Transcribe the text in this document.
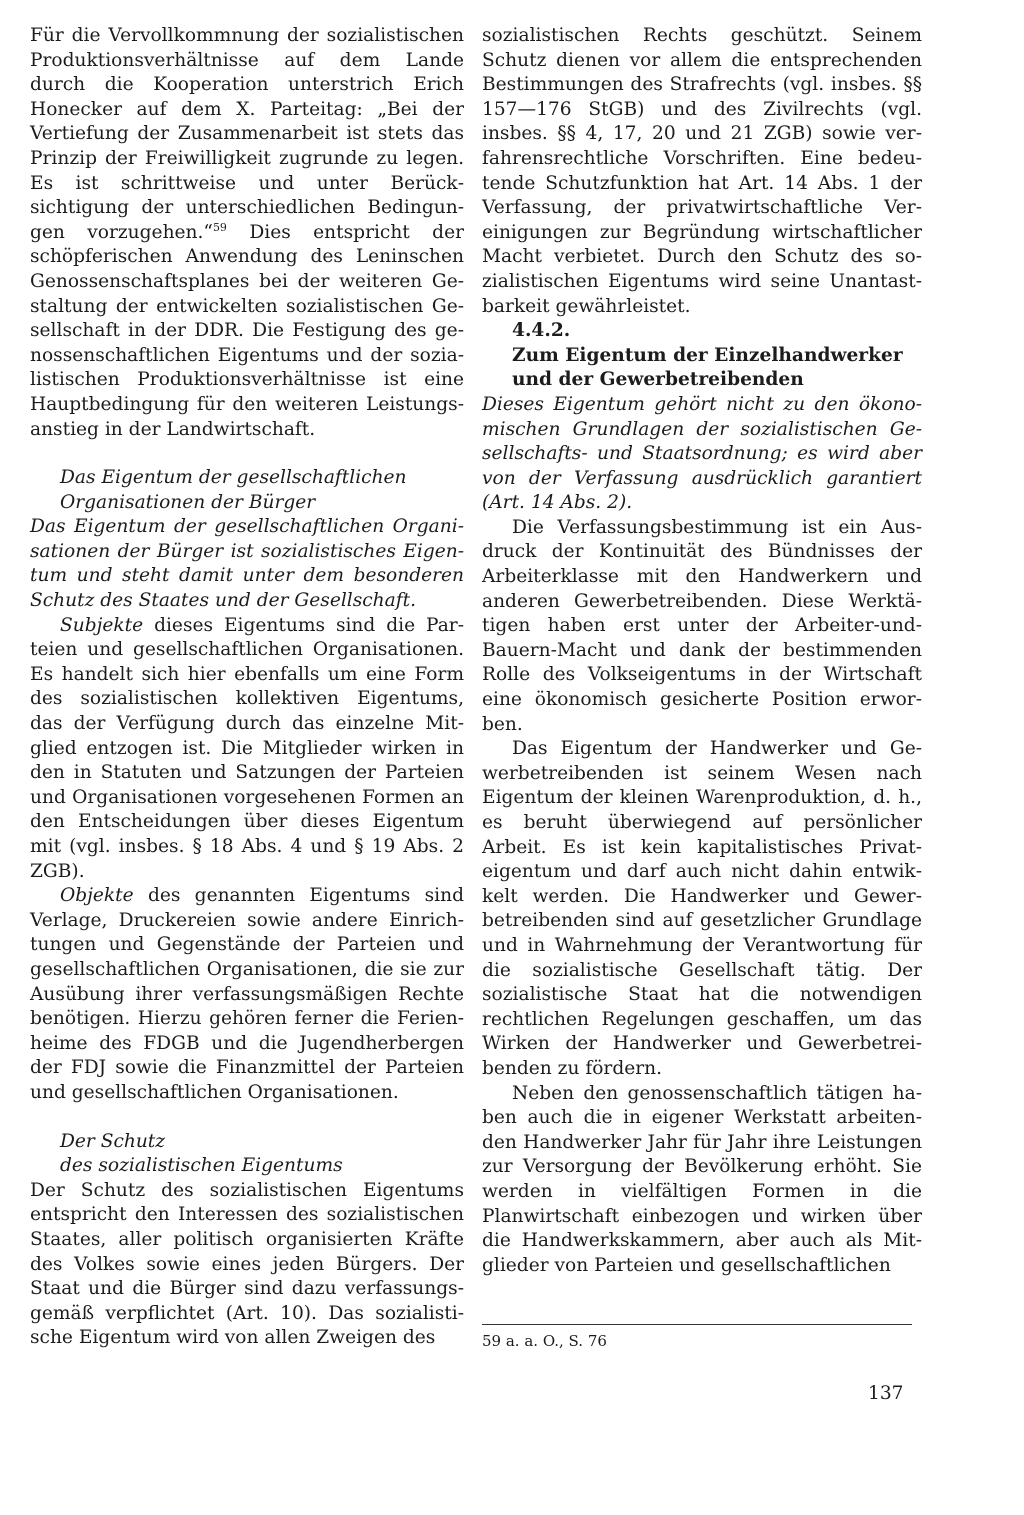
Für die Vervollkommnung der sozialistischen Produktionsverhältnisse auf dem Lande durch die Kooperation unterstrich Erich Honecker auf dem X. Parteitag: „Bei der Vertiefung der Zusammenarbeit ist stets das Prinzip der Freiwilligkeit zugrunde zu legen. Es ist schrittweise und unter Berücksichtigung der unterschiedlichen Bedingungen vorzugehen.“$^{59}$ Dies entspricht der schöpferischen Anwendung des Leninschen Genossenschaftsplanes bei der weiteren Gestaltung der entwickelten sozialistischen Gesellschaft in der DDR. Die Festigung des genossenschaftlichen Eigentums und der sozialistischen Produktionsverhältnisse ist eine Hauptbedingung für den weiteren Leistungsanstieg in der Landwirtschaft.

Das Eigentum der gesellschaftlichen

Organisationen der Bürger

Das Eigentum der gesellschaftlichen Organisationen der Bürger ist sozialistisches Eigentum und steht damit unter dem besonderen Schutz des Staates und der Gesellschaft.

Subjekte dieses Eigentums sind die Parteien und gesellschaftlichen Organisationen. Es handelt sich hier ebenfalls um eine Form des sozialistischen kollektiven Eigentums, das der Verfügung durch das einzelne Mitglied entzogen ist. Die Mitglieder wirken in den in Statuten und Satzungen der Parteien und Organisationen vorgesehenen Formen an den Entscheidungen über dieses Eigentum mit (vgl. insbes. § 18 Abs. 4 und § 19 Abs. 2 ZGB).

Objekte des genannten Eigentums sind Verlage, Druckereien sowie andere Einrichtungen und Gegenstände der Parteien und gesellschaftlichen Organisationen, die sie zur Ausübung ihrer verfassungsmäßigen Rechte benötigen. Hierzu gehören ferner die Ferienheime des FDGB und die Jugendherbergen der FDJ sowie die Finanzmittel der Parteien und gesellschaftlichen Organisationen.

Der Schutz

des sozialistischen Eigentums

Der Schutz des sozialistischen Eigentums entspricht den Interessen des sozialistischen Staates, aller politisch organisierten Kräfte des Volkes sowie eines jeden Bürgers. Der Staat und die Bürger sind dazu verfassungsgemäß verpflichtet (Art. 10). Das sozialistische Eigentum wird von allen Zweigen des

sozialistischen Rechts geschützt. Seinem Schutz dienen vor allem die entsprechenden Bestimmungen des Strafrechts (vgl. insbes. §§ 157—176 StGB) und des Zivilrechts (vgl. insbes. §§ 4, 17, 20 und 21 ZGB) sowie verfahrensrechtliche Vorschriften. Eine bedeutende Schutzfunktion hat Art. 14 Abs. 1 der Verfassung, der privatwirtschaftliche Vereinigungen zur Begründung wirtschaftlicher Macht verbietet. Durch den Schutz des sozialistischen Eigentums wird seine Unantastbarkeit gewährleistet.

4.4.2.

Zum Eigentum der Einzelhandwerker

und der Gewerbetreibenden

Dieses Eigentum gehört nicht zu den ökonomischen Grundlagen der sozialistischen Gesellschafts- und Staatsordnung; es wird aber von der Verfassung ausdrücklich garantiert (Art. 14 Abs. 2).

Die Verfassungsbestimmung ist ein Ausdruck der Kontinuität des Bündnisses der Arbeiterklasse mit den Handwerkern und anderen Gewerbetreibenden. Diese Werktätigen haben erst unter der Arbeiter-und-Bauern-Macht und dank der bestimmenden Rolle des Volkseigentums in der Wirtschaft eine ökonomisch gesicherte Position erworben.

Das Eigentum der Handwerker und Gewerbetreibenden ist seinem Wesen nach Eigentum der kleinen Warenproduktion, d. h., es beruht überwiegend auf persönlicher Arbeit. Es ist kein kapitalistisches Privateigentum und darf auch nicht dahin entwikkelt werden. Die Handwerker und Gewerbetreibenden sind auf gesetzlicher Grundlage und in Wahrnehmung der Verantwortung für die sozialistische Gesellschaft tätig. Der sozialistische Staat hat die notwendigen rechtlichen Regelungen geschaffen, um das Wirken der Handwerker und Gewerbetreibenden zu fördern.

Neben den genossenschaftlich tätigen haben auch die in eigener Werkstatt arbeitenden Handwerker Jahr für Jahr ihre Leistungen zur Versorgung der Bevölkerung erhöht. Sie werden in vielfältigen Formen in die Planwirtschaft einbezogen und wirken über die Handwerkskammern, aber auch als Mitglieder von Parteien und gesellschaftlichen

59 a. a. O., S. 76
137
